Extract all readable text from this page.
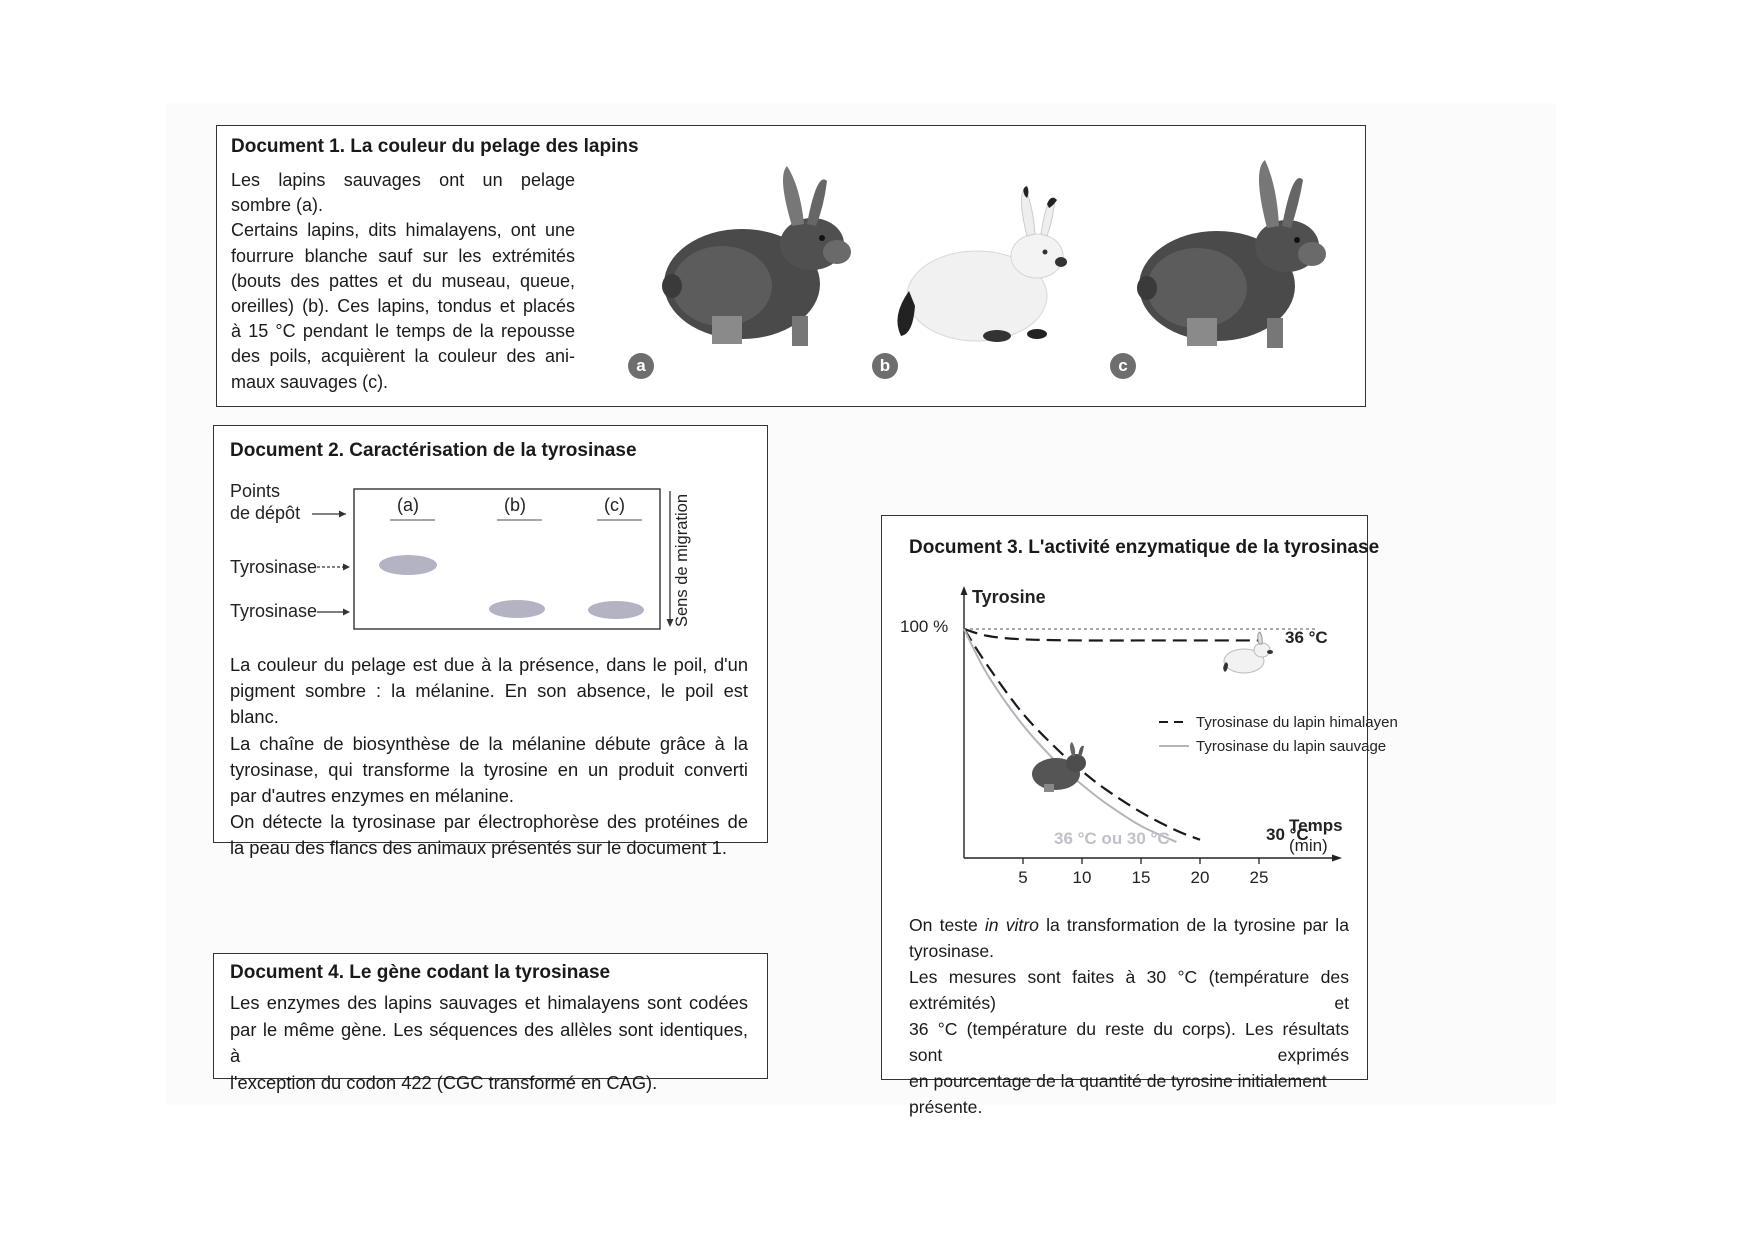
Document 1. La couleur du pelage des lapins
Les lapins sauvages ont un pelage
sombre (a).
Certains lapins, dits himalayens, ont une
fourrure blanche sauf sur les extrémités
(bouts des pattes et du museau, queue,
oreilles) (b). Ces lapins, tondus et placés
à 15 °C pendant le temps de la repousse
des poils, acquièrent la couleur des ani-
maux sauvages (c).
a	b	c
Document 2. Caractérisation de la tyrosinase
Points
de dépôt	(a)	(b)	(c)
Tyrosinase
Tyrosinase	Sens de migration
La couleur du pelage est due à la présence, dans le poil, d'un
pigment sombre : la mélanine. En son absence, le poil est blanc.
La chaîne de biosynthèse de la mélanine débute grâce à la
tyrosinase, qui transforme la tyrosine en un produit converti
par d'autres enzymes en mélanine.
On détecte la tyrosinase par électrophorèse des protéines de
la peau des flancs des animaux présentés sur le document 1.
Document 4. Le gène codant la tyrosinase
Les enzymes des lapins sauvages et himalayens sont codées
par le même gène. Les séquences des allèles sont identiques, à
l'exception du codon 422 (CGC transformé en CAG).
Document 3. L'activité enzymatique de la tyrosinase
Tyrosine
100 %
Temps
(min)
5	10 15 20 25
36 °C
30 °C
36 °C ou 30 °C
Tyrosinase du lapin himalayen
Tyrosinase du lapin sauvage
On teste in vitro la transformation de la tyrosine par la tyrosinase.
Les mesures sont faites à 30 °C (température des extrémités) et
36 °C (température du reste du corps). Les résultats sont exprimés
en pourcentage de la quantité de tyrosine initialement présente.
